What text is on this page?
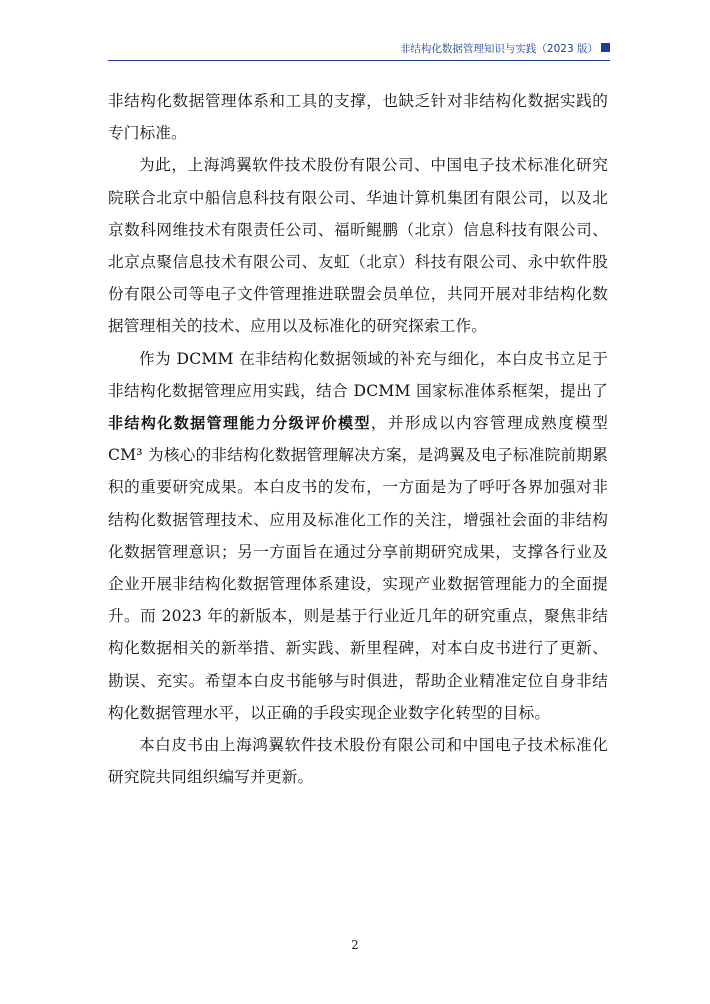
非结构化数据管理知识与实践（2023 版）

非结构化数据管理体系和工具的支撑，也缺乏针对非结构化数据实践的专门标准。

为此，上海鸿翼软件技术股份有限公司、中国电子技术标准化研究院联合北京中船信息科技有限公司、华迪计算机集团有限公司，以及北京数科网维技术有限责任公司、福昕鲲鹏（北京）信息科技有限公司、北京点聚信息技术有限公司、友虹（北京）科技有限公司、永中软件股份有限公司等电子文件管理推进联盟会员单位，共同开展对非结构化数据管理相关的技术、应用以及标准化的研究探索工作。

作为 DCMM 在非结构化数据领域的补充与细化，本白皮书立足于非结构化数据管理应用实践，结合 DCMM 国家标准体系框架，提出了非结构化数据管理能力分级评价模型，并形成以内容管理成熟度模型 CM³ 为核心的非结构化数据管理解决方案，是鸿翼及电子标准院前期累积的重要研究成果。本白皮书的发布，一方面是为了呼吁各界加强对非结构化数据管理技术、应用及标准化工作的关注，增强社会面的非结构化数据管理意识；另一方面旨在通过分享前期研究成果，支撑各行业及企业开展非结构化数据管理体系建设，实现产业数据管理能力的全面提升。而 2023 年的新版本，则是基于行业近几年的研究重点，聚焦非结构化数据相关的新举措、新实践、新里程碑，对本白皮书进行了更新、勘误、充实。希望本白皮书能够与时俱进，帮助企业精准定位自身非结构化数据管理水平，以正确的手段实现企业数字化转型的目标。

本白皮书由上海鸿翼软件技术股份有限公司和中国电子技术标准化研究院共同组织编写并更新。

2
